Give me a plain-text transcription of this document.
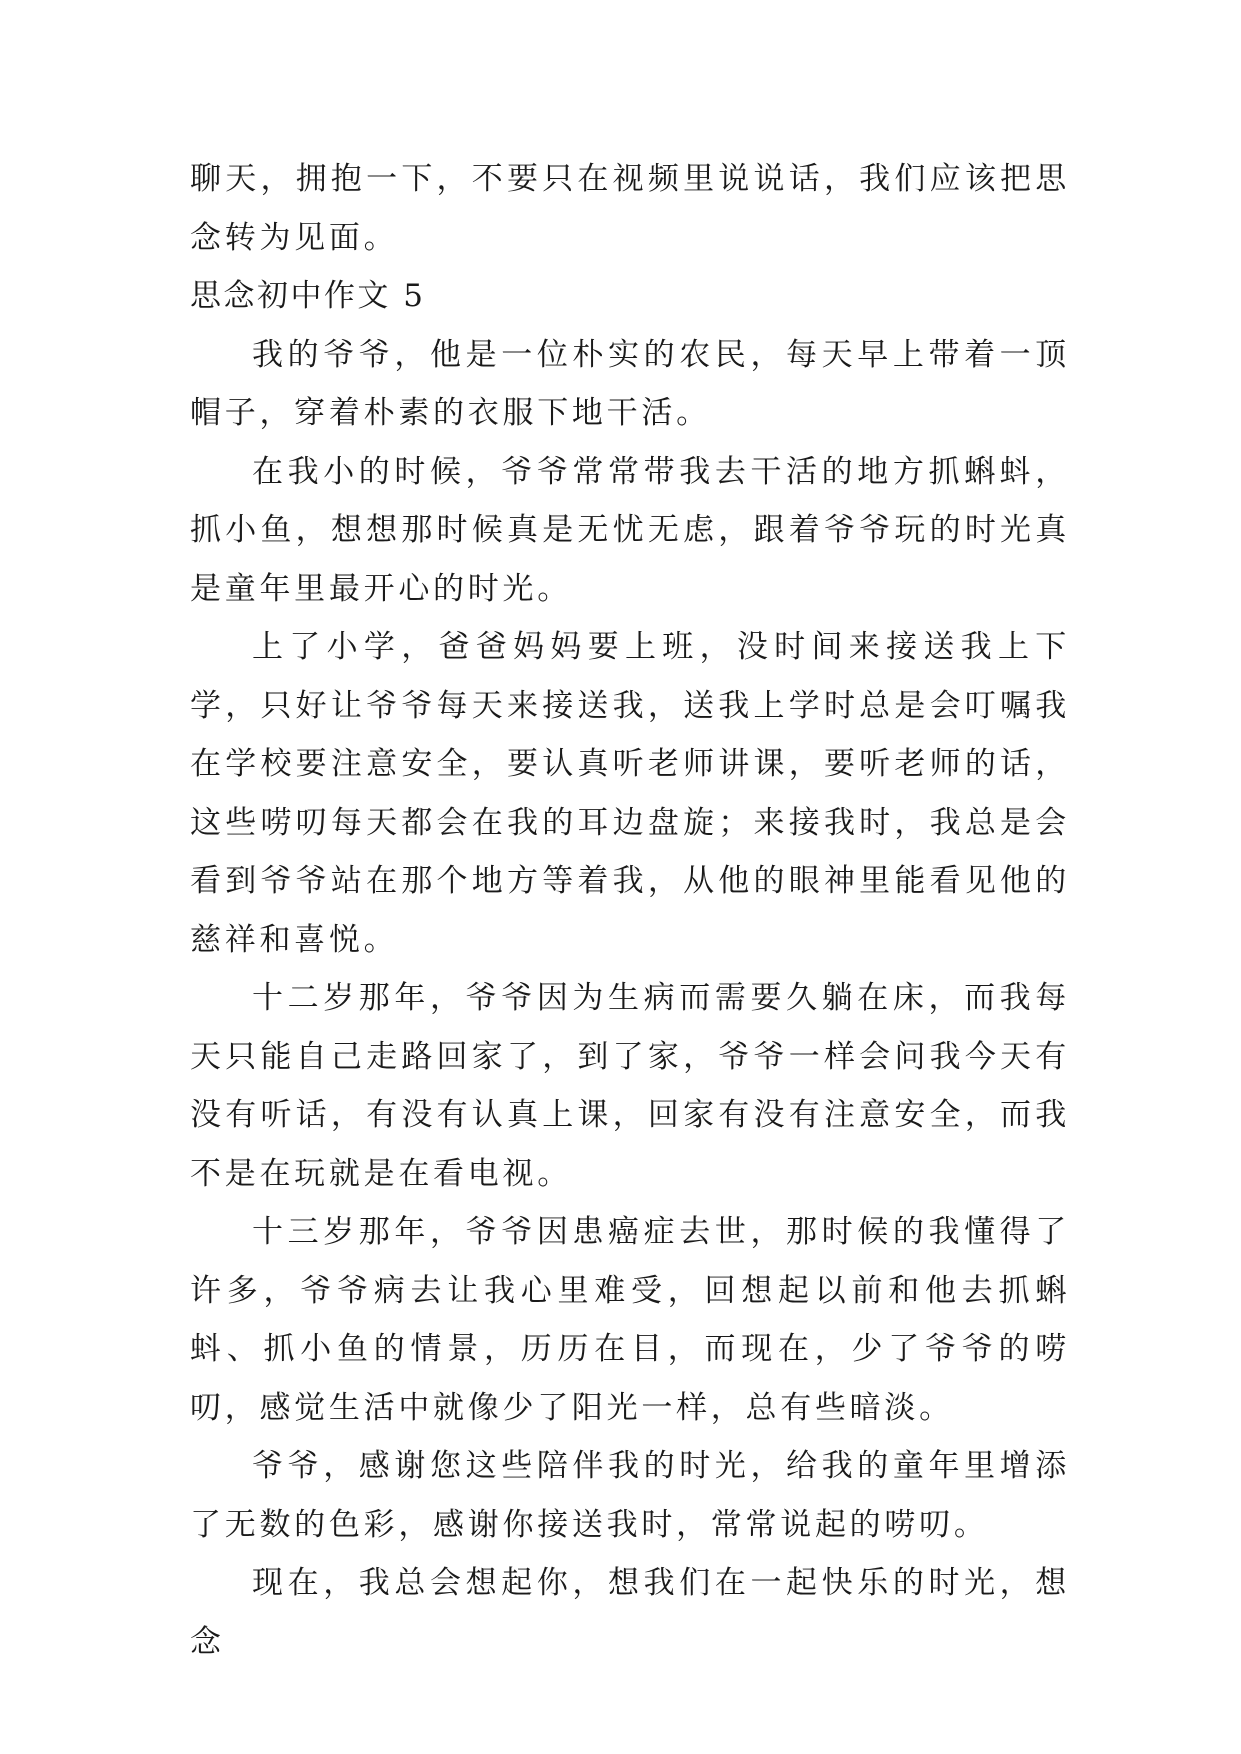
聊天，拥抱一下，不要只在视频里说说话，我们应该把思念转为见面。

思念初中作文 5

我的爷爷，他是一位朴实的农民，每天早上带着一顶帽子，穿着朴素的衣服下地干活。

在我小的时候，爷爷常常带我去干活的地方抓蝌蚪，抓小鱼，想想那时候真是无忧无虑，跟着爷爷玩的时光真是童年里最开心的时光。

上了小学，爸爸妈妈要上班，没时间来接送我上下学，只好让爷爷每天来接送我，送我上学时总是会叮嘱我在学校要注意安全，要认真听老师讲课，要听老师的话，这些唠叨每天都会在我的耳边盘旋；来接我时，我总是会看到爷爷站在那个地方等着我，从他的眼神里能看见他的慈祥和喜悦。

十二岁那年，爷爷因为生病而需要久躺在床，而我每天只能自己走路回家了，到了家，爷爷一样会问我今天有没有听话，有没有认真上课，回家有没有注意安全，而我不是在玩就是在看电视。

十三岁那年，爷爷因患癌症去世，那时候的我懂得了许多，爷爷病去让我心里难受，回想起以前和他去抓蝌蚪、抓小鱼的情景，历历在目，而现在，少了爷爷的唠叨，感觉生活中就像少了阳光一样，总有些暗淡。

爷爷，感谢您这些陪伴我的时光，给我的童年里增添了无数的色彩，感谢你接送我时，常常说起的唠叨。

现在，我总会想起你，想我们在一起快乐的时光，想念
